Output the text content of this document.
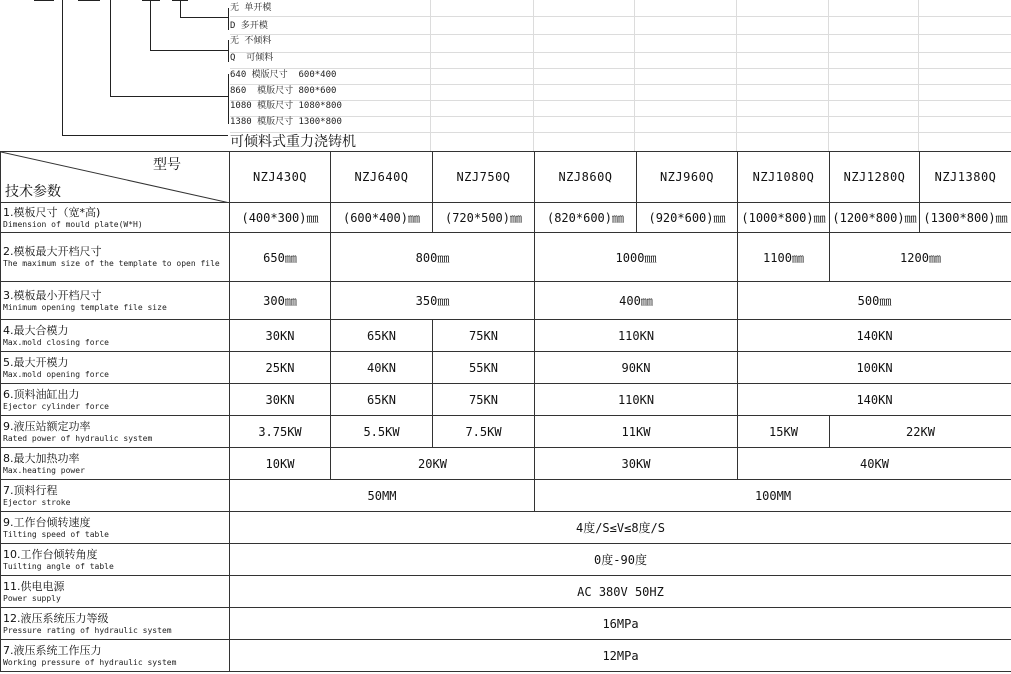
无 单开模
D 多开模
无 不倾料
Q  可倾料
640 模版尺寸  600*400
860  模版尺寸 800*600
1080 模版尺寸 1080*800
1380 模版尺寸 1300*800
可倾料式重力浇铸机
型号
技术参数	NZJ430Q	NZJ640Q	NZJ750Q	NZJ860Q	NZJ960Q	NZJ1080Q	NZJ1280Q	NZJ1380Q

1.模板尺寸（宽*高)
Dimension of mould plate(W*H)	(400*300)㎜	(600*400)㎜	(720*500)㎜	(820*600)㎜	(920*600)㎜	(1000*800)㎜	(1200*800)㎜	(1300*800)㎜

2.模板最大开档尺寸
The maximum size of the template to open file	650㎜	800㎜		1000㎜		1100㎜	1200㎜	

3.模板最小开档尺寸
Minimum opening template file size	300㎜	350㎜		400㎜		500㎜		

4.最大合模力
Max.mold closing force	30KN	65KN	75KN	110KN		140KN		

5.最大开模力
Max.mold opening force	25KN	40KN	55KN	90KN		100KN		

6.顶料油缸出力
Ejector cylinder force	30KN	65KN	75KN	110KN		140KN		

9.液压站额定功率
Rated power of hydraulic system	3.75KW	5.5KW	7.5KW	11KW		15KW	22KW	

8.最大加热功率
Max.heating power	10KW	20KW		30KW		40KW		

7.顶料行程
Ejector stroke	50MM			100MM				

9.工作台倾转速度
Tilting speed of table	4度/S≤V≤8度/S							

10.工作台倾转角度
Tuilting angle of table	0度-90度							

11.供电电源
Power supply	AC 380V 50HZ							

12.液压系统压力等级
Pressure rating of hydraulic system	16MPa							

7.液压系统工作压力
Working pressure of hydraulic system	12MPa							
